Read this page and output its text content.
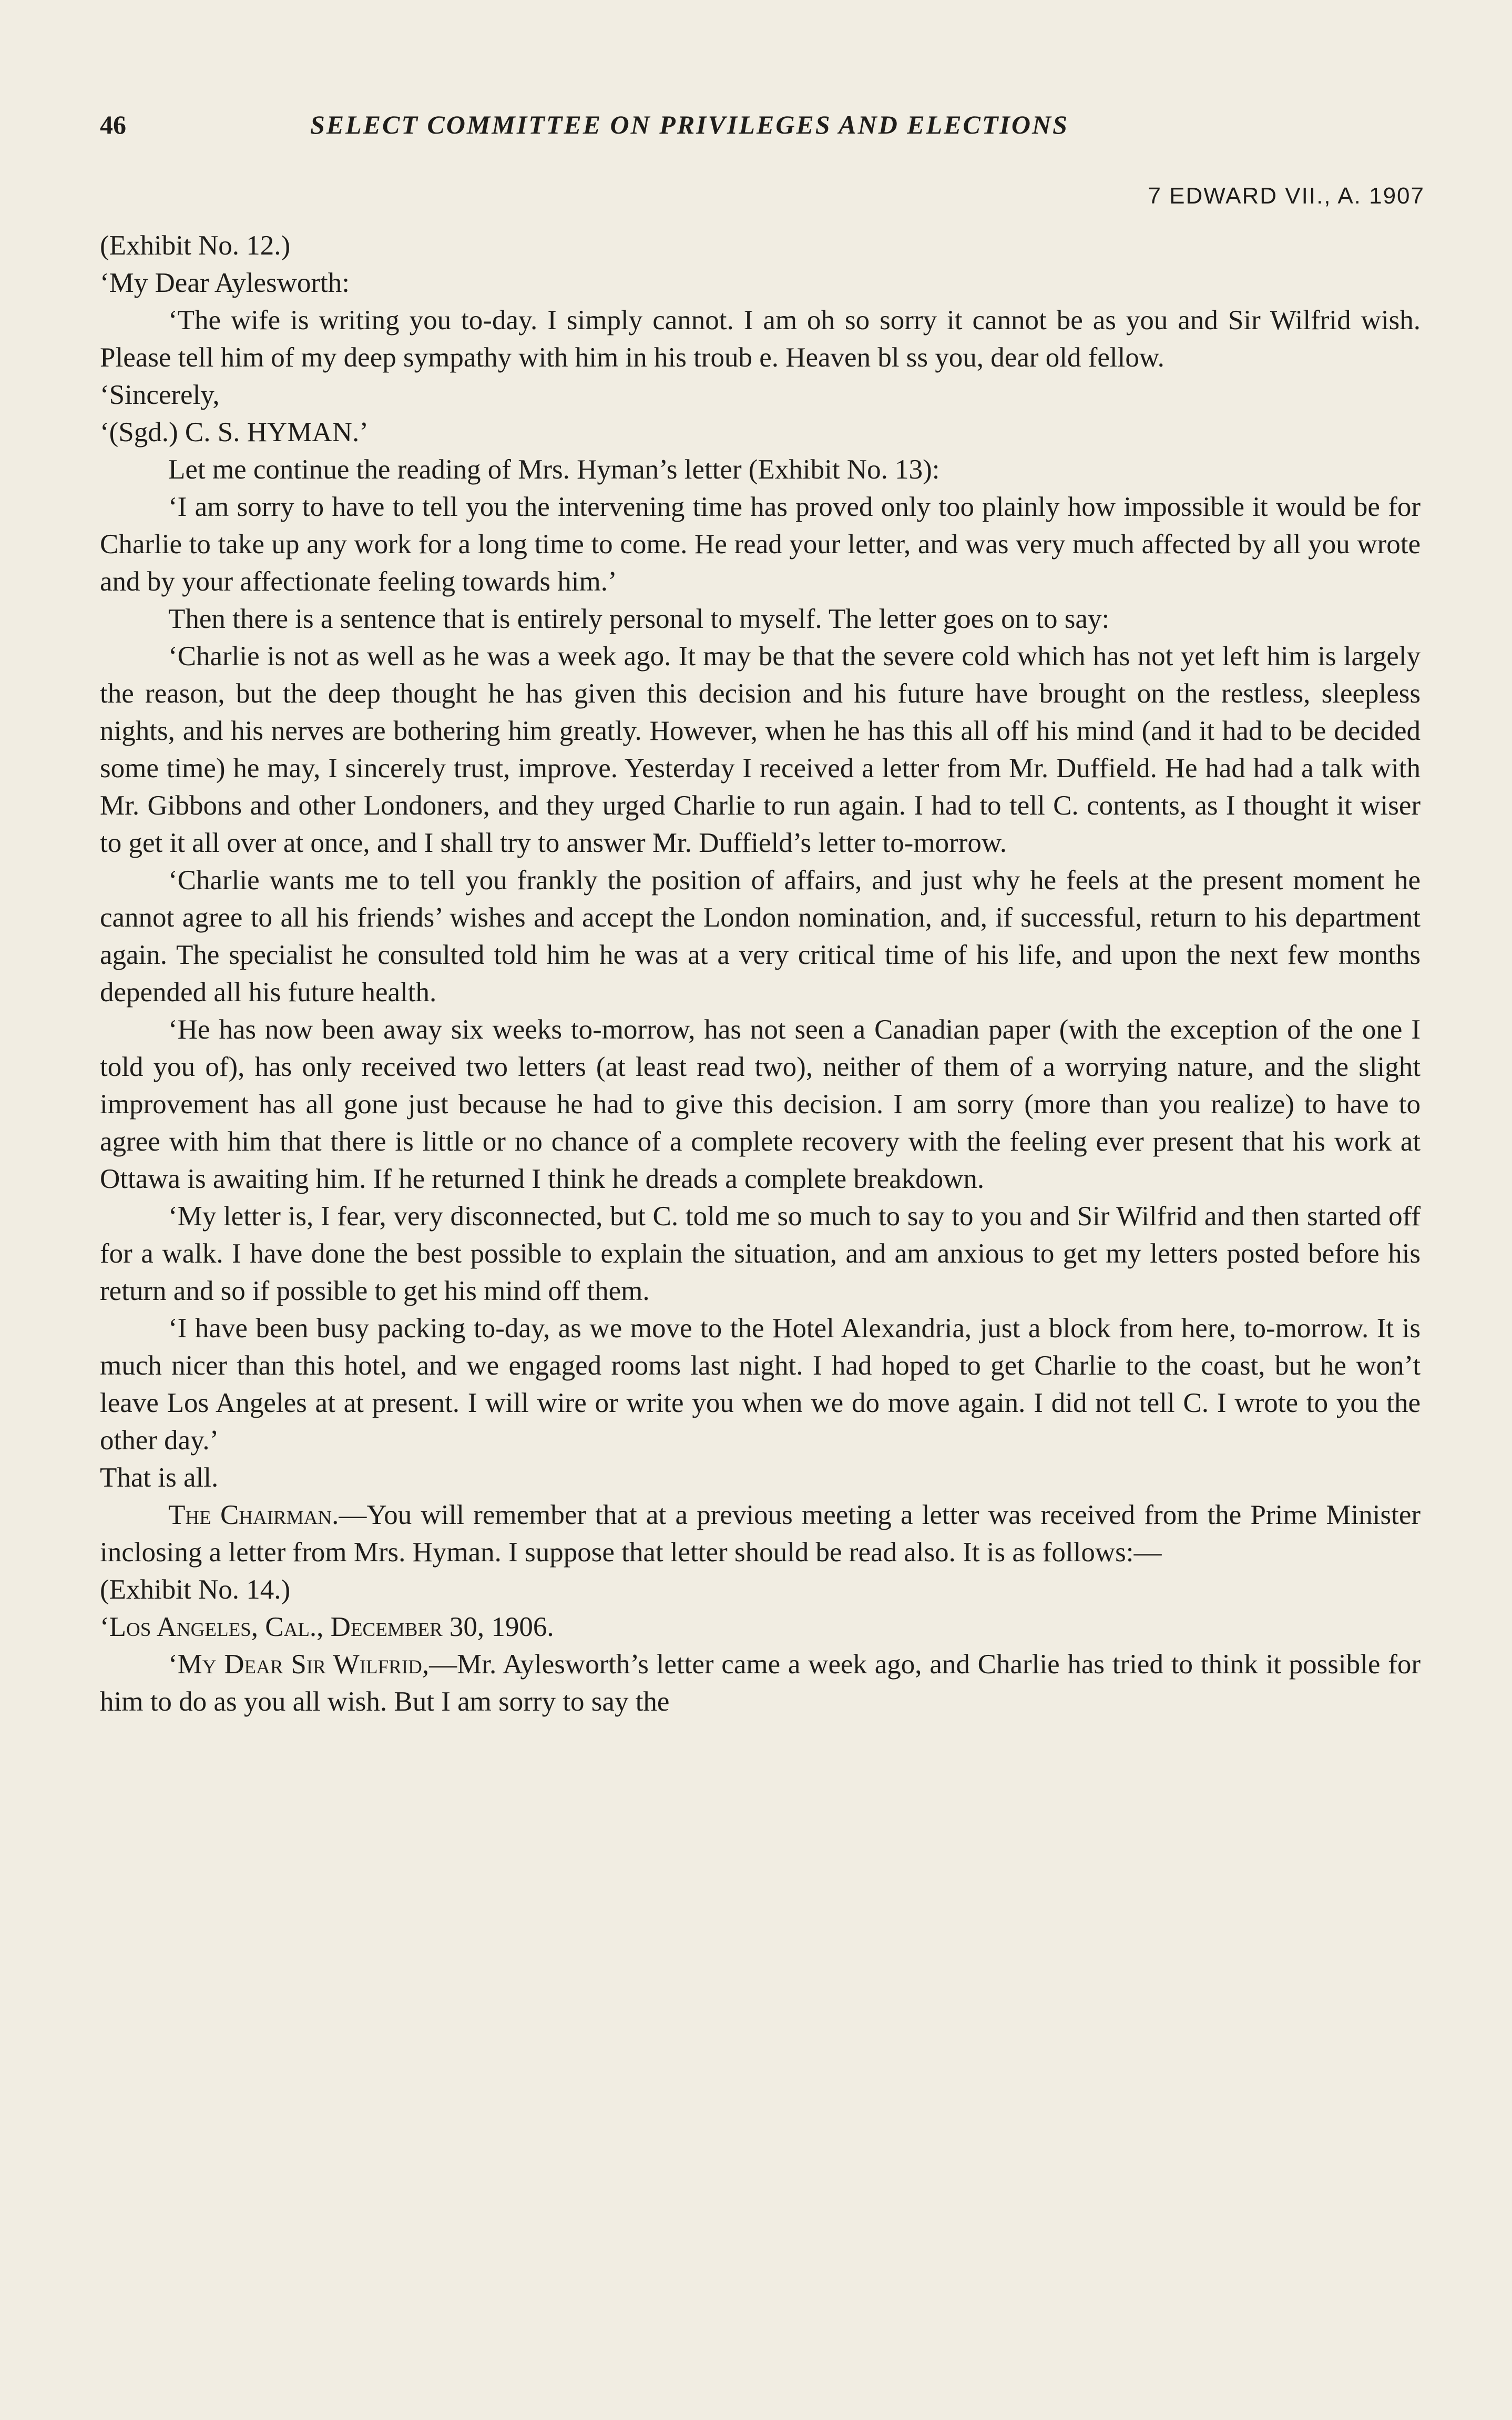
46	SELECT COMMITTEE ON PRIVILEGES AND ELECTIONS
7 EDWARD VII., A. 1907

(Exhibit No. 12.)

‘My Dear Aylesworth:

‘The wife is writing you to-day. I simply cannot. I am oh so sorry it cannot be as you and Sir Wilfrid wish. Please tell him of my deep sympathy with him in his troub e. Heaven bl ss you, dear old fellow.

‘Sincerely,

‘(Sgd.) C. S. HYMAN.’

Let me continue the reading of Mrs. Hyman’s letter (Exhibit No. 13):

‘I am sorry to have to tell you the intervening time has proved only too plainly how impossible it would be for Charlie to take up any work for a long time to come. He read your letter, and was very much affected by all you wrote and by your affectionate feeling towards him.’

Then there is a sentence that is entirely personal to myself. The letter goes on to say:

‘Charlie is not as well as he was a week ago. It may be that the severe cold which has not yet left him is largely the reason, but the deep thought he has given this decision and his future have brought on the restless, sleepless nights, and his nerves are bothering him greatly. However, when he has this all off his mind (and it had to be decided some time) he may, I sincerely trust, improve. Yesterday I received a letter from Mr. Duffield. He had had a talk with Mr. Gibbons and other Londoners, and they urged Charlie to run again. I had to tell C. contents, as I thought it wiser to get it all over at once, and I shall try to answer Mr. Duffield’s letter to-morrow.

‘Charlie wants me to tell you frankly the position of affairs, and just why he feels at the present moment he cannot agree to all his friends’ wishes and accept the London nomination, and, if successful, return to his department again. The specialist he consulted told him he was at a very critical time of his life, and upon the next few months depended all his future health.

‘He has now been away six weeks to-morrow, has not seen a Canadian paper (with the exception of the one I told you of), has only received two letters (at least read two), neither of them of a worrying nature, and the slight improvement has all gone just because he had to give this decision. I am sorry (more than you realize) to have to agree with him that there is little or no chance of a complete recovery with the feeling ever present that his work at Ottawa is awaiting him. If he returned I think he dreads a complete breakdown.

‘My letter is, I fear, very disconnected, but C. told me so much to say to you and Sir Wilfrid and then started off for a walk. I have done the best possible to explain the situation, and am anxious to get my letters posted before his return and so if possible to get his mind off them.

‘I have been busy packing to-day, as we move to the Hotel Alexandria, just a block from here, to-morrow. It is much nicer than this hotel, and we engaged rooms last night. I had hoped to get Charlie to the coast, but he won’t leave Los Angeles at at present. I will wire or write you when we do move again. I did not tell C. I wrote to you the other day.’

That is all.

The Chairman.—You will remember that at a previous meeting a letter was received from the Prime Minister inclosing a letter from Mrs. Hyman. I suppose that letter should be read also. It is as follows:—

(Exhibit No. 14.)

‘Los Angeles, Cal., December 30, 1906.

‘My Dear Sir Wilfrid,—Mr. Aylesworth’s letter came a week ago, and Charlie has tried to think it possible for him to do as you all wish. But I am sorry to say the
